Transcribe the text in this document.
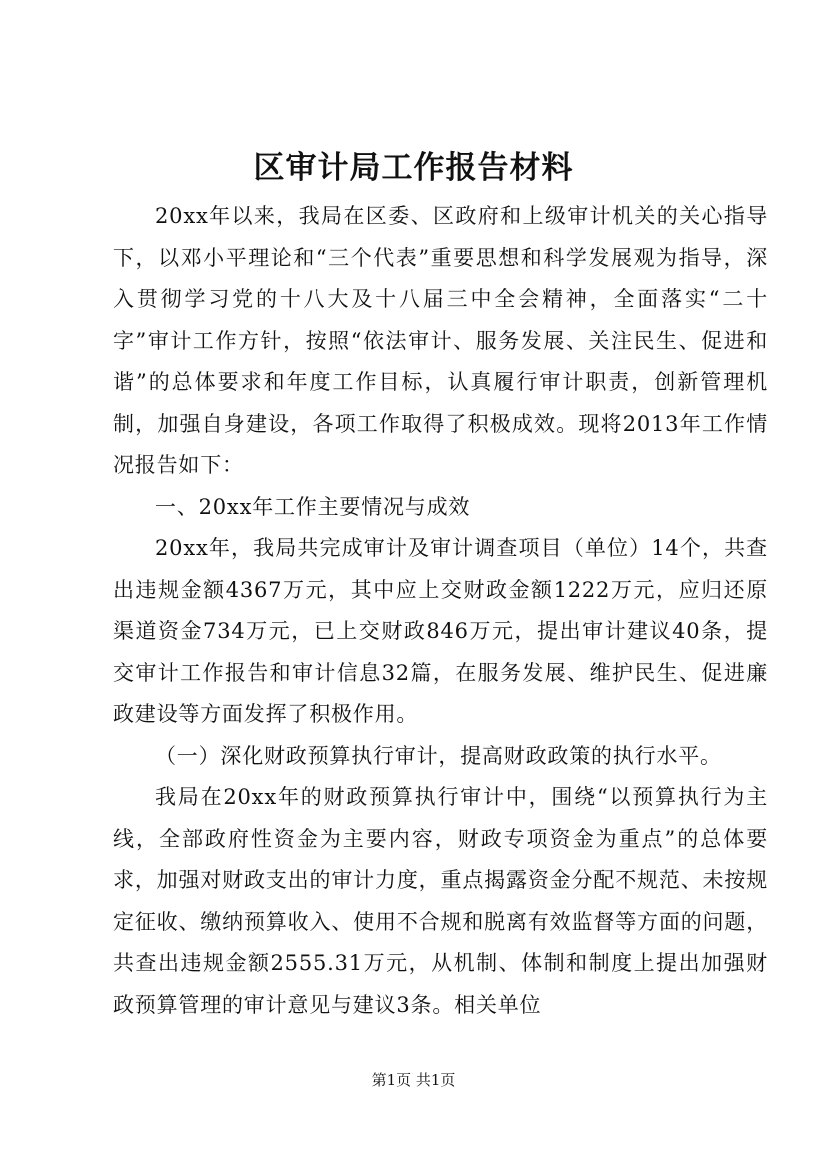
区审计局工作报告材料

20xx年以来，我局在区委、区政府和上级审计机关的关心指导下，以邓小平理论和“三个代表”重要思想和科学发展观为指导，深入贯彻学习党的十八大及十八届三中全会精神，全面落实“二十字”审计工作方针，按照“依法审计、服务发展、关注民生、促进和谐”的总体要求和年度工作目标，认真履行审计职责，创新管理机制，加强自身建设，各项工作取得了积极成效。现将2013年工作情况报告如下：

一、20xx年工作主要情况与成效

20xx年，我局共完成审计及审计调查项目（单位）14个，共查出违规金额4367万元，其中应上交财政金额1222万元，应归还原渠道资金734万元，已上交财政846万元，提出审计建议40条，提交审计工作报告和审计信息32篇，在服务发展、维护民生、促进廉政建设等方面发挥了积极作用。

（一）深化财政预算执行审计，提高财政政策的执行水平。

我局在20xx年的财政预算执行审计中，围绕“以预算执行为主线，全部政府性资金为主要内容，财政专项资金为重点”的总体要求，加强对财政支出的审计力度，重点揭露资金分配不规范、未按规定征收、缴纳预算收入、使用不合规和脱离有效监督等方面的问题，共查出违规金额2555.31万元，从机制、体制和制度上提出加强财政预算管理的审计意见与建议3条。相关单位

第1页 共1页
